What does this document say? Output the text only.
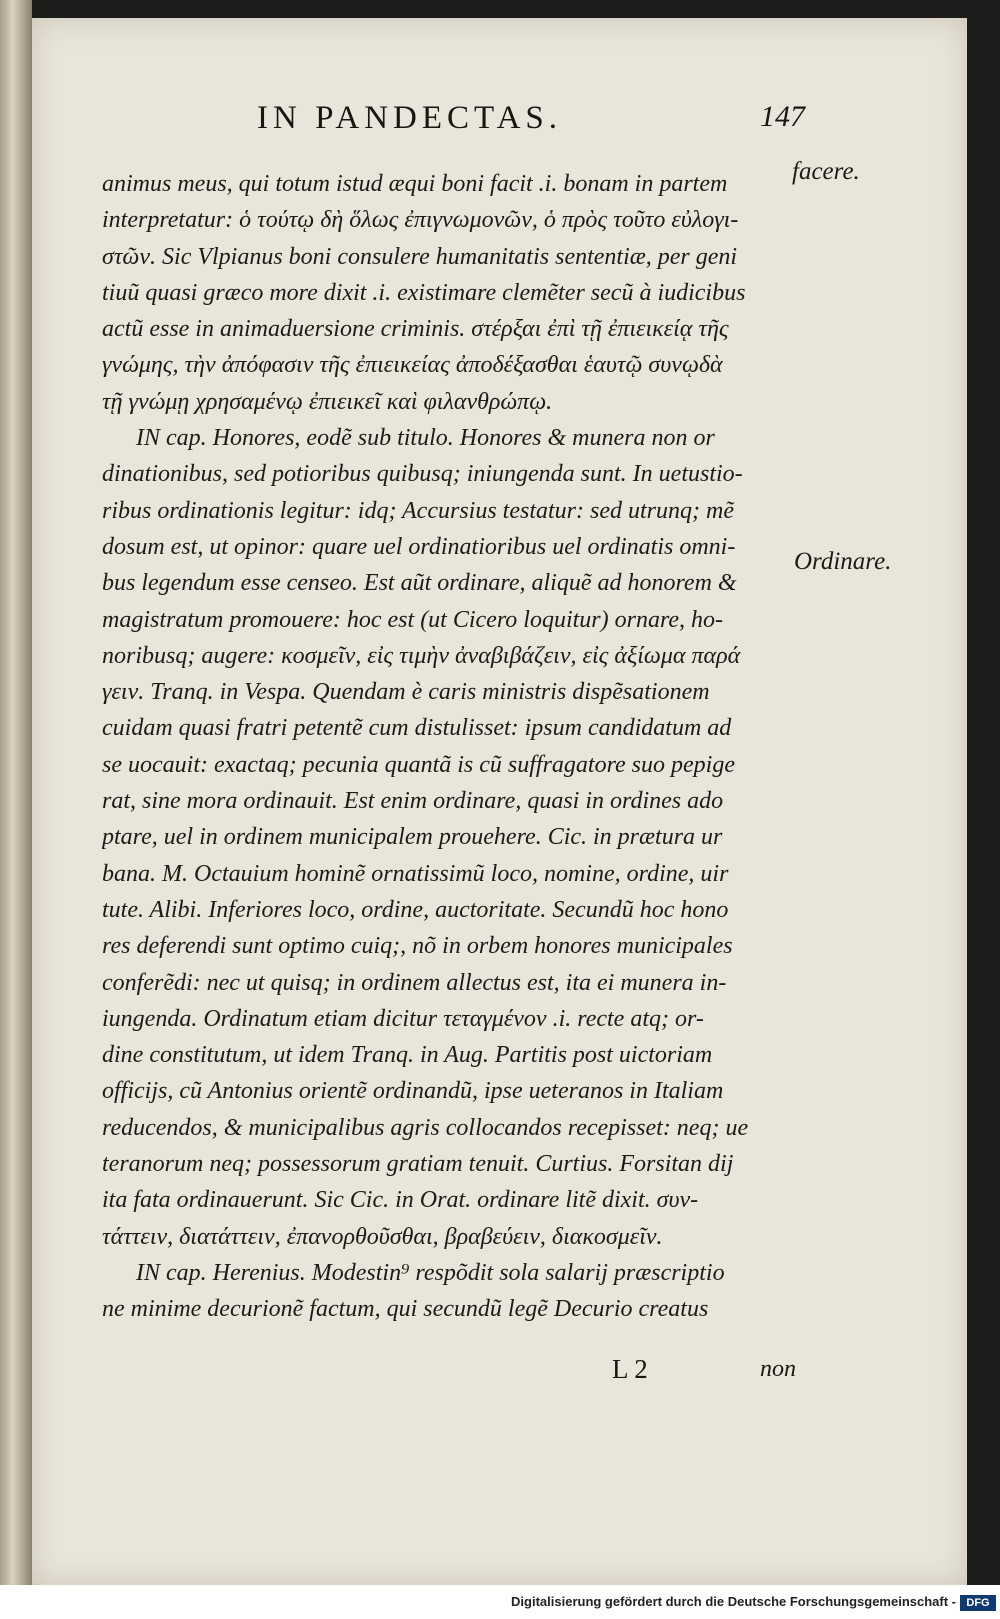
IN PANDECTAS.	147
facere.
Ordinare.
animus meus, qui totum istud æqui boni facit .i. bonam in partem
interpretatur: ὁ τούτῳ δὴ ὅλως ἐπιγνωμονῶν, ὁ πρὸς τοῦτο εὐλογι-
στῶν. Sic Vlpianus boni consulere humanitatis sententiæ, per geni
tiuũ quasi græco more dixit .i. existimare clemẽter secũ à iudicibus
actũ esse in animaduersione criminis. στέρξαι ἐπὶ τῇ ἐπιεικείᾳ τῆς
γνώμης, τὴν ἀπόφασιν τῆς ἐπιεικείας ἀποδέξασθαι ἑαυτῷ συνῳδὰ
τῇ γνώμῃ χρησαμένῳ ἐπιεικεῖ καὶ φιλανθρώπῳ.
IN cap. Honores, eodẽ sub titulo. Honores & munera non or
dinationibus, sed potioribus quibusq; iniungenda sunt. In uetustio-
ribus ordinationis legitur: idq; Accursius testatur: sed utrunq; mẽ
dosum est, ut opinor: quare uel ordinatioribus uel ordinatis omni-
bus legendum esse censeo. Est aũt ordinare, aliquẽ ad honorem &
magistratum promouere: hoc est (ut Cicero loquitur) ornare, ho-
noribusq; augere: κοσμεῖν, εἰς τιμὴν ἀναβιβάζειν, εἰς ἀξίωμα παρά
γειν. Tranq. in Vespa. Quendam è caris ministris dispẽsationem
cuidam quasi fratri petentẽ cum distulisset: ipsum candidatum ad
se uocauit: exactaq; pecunia quantã is cũ suffragatore suo pepige
rat, sine mora ordinauit. Est enim ordinare, quasi in ordines ado
ptare, uel in ordinem municipalem prouehere. Cic. in prætura ur
bana. M. Octauium hominẽ ornatissimũ loco, nomine, ordine, uir
tute. Alibi. Inferiores loco, ordine, auctoritate. Secundũ hoc hono
res deferendi sunt optimo cuiq;, nõ in orbem honores municipales
conferẽdi: nec ut quisq; in ordinem allectus est, ita ei munera in-
iungenda. Ordinatum etiam dicitur τεταγμένον .i. recte atq; or-
dine constitutum, ut idem Tranq. in Aug. Partitis post uictoriam
officijs, cũ Antonius orientẽ ordinandũ, ipse ueteranos in Italiam
reducendos, & municipalibus agris collocandos recepisset: neq; ue
teranorum neq; possessorum gratiam tenuit. Curtius. Forsitan dij
ita fata ordinauerunt. Sic Cic. in Orat. ordinare litẽ dixit. συν-
τάττειν, διατάττειν, ἐπανορθοῦσθαι, βραβεύειν, διακοσμεῖν.
IN cap. Herenius. Modestin⁹ respõdit sola salarij præscriptio
ne minime decurionẽ factum, qui secundũ legẽ Decurio creatus
L 2	non
Digitalisierung gefördert durch die Deutsche Forschungsgemeinschaft - DFG
